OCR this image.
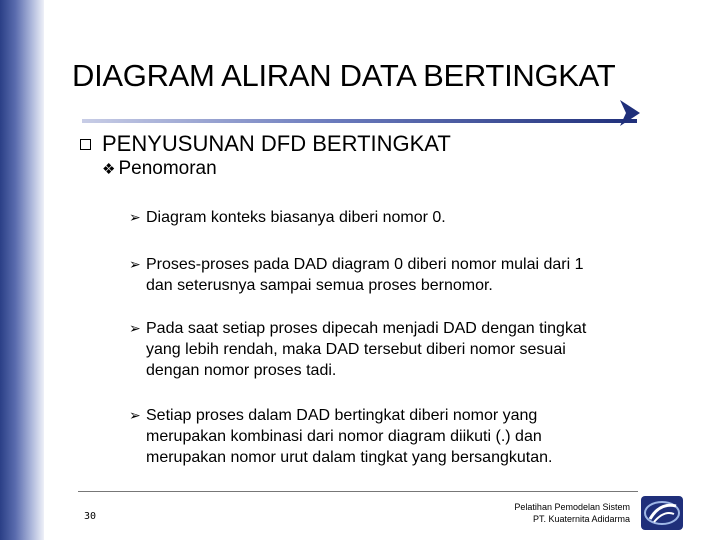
DIAGRAM ALIRAN DATA BERTINGKAT
PENYUSUNAN DFD BERTINGKAT
❖ Penomoran
➢ Diagram konteks biasanya diberi nomor 0.
➢ Proses-proses pada DAD diagram 0 diberi nomor mulai dari 1
dan seterusnya sampai semua proses bernomor.
➢ Pada saat setiap proses dipecah menjadi DAD dengan tingkat
yang lebih rendah, maka DAD tersebut diberi nomor sesuai
dengan nomor proses tadi.
➢ Setiap proses dalam DAD bertingkat diberi nomor yang
merupakan kombinasi dari nomor diagram diikuti (.) dan
merupakan nomor urut dalam tingkat yang bersangkutan.
30
Pelatihan Pemodelan Sistem
PT. Kuaternita Adidarma
